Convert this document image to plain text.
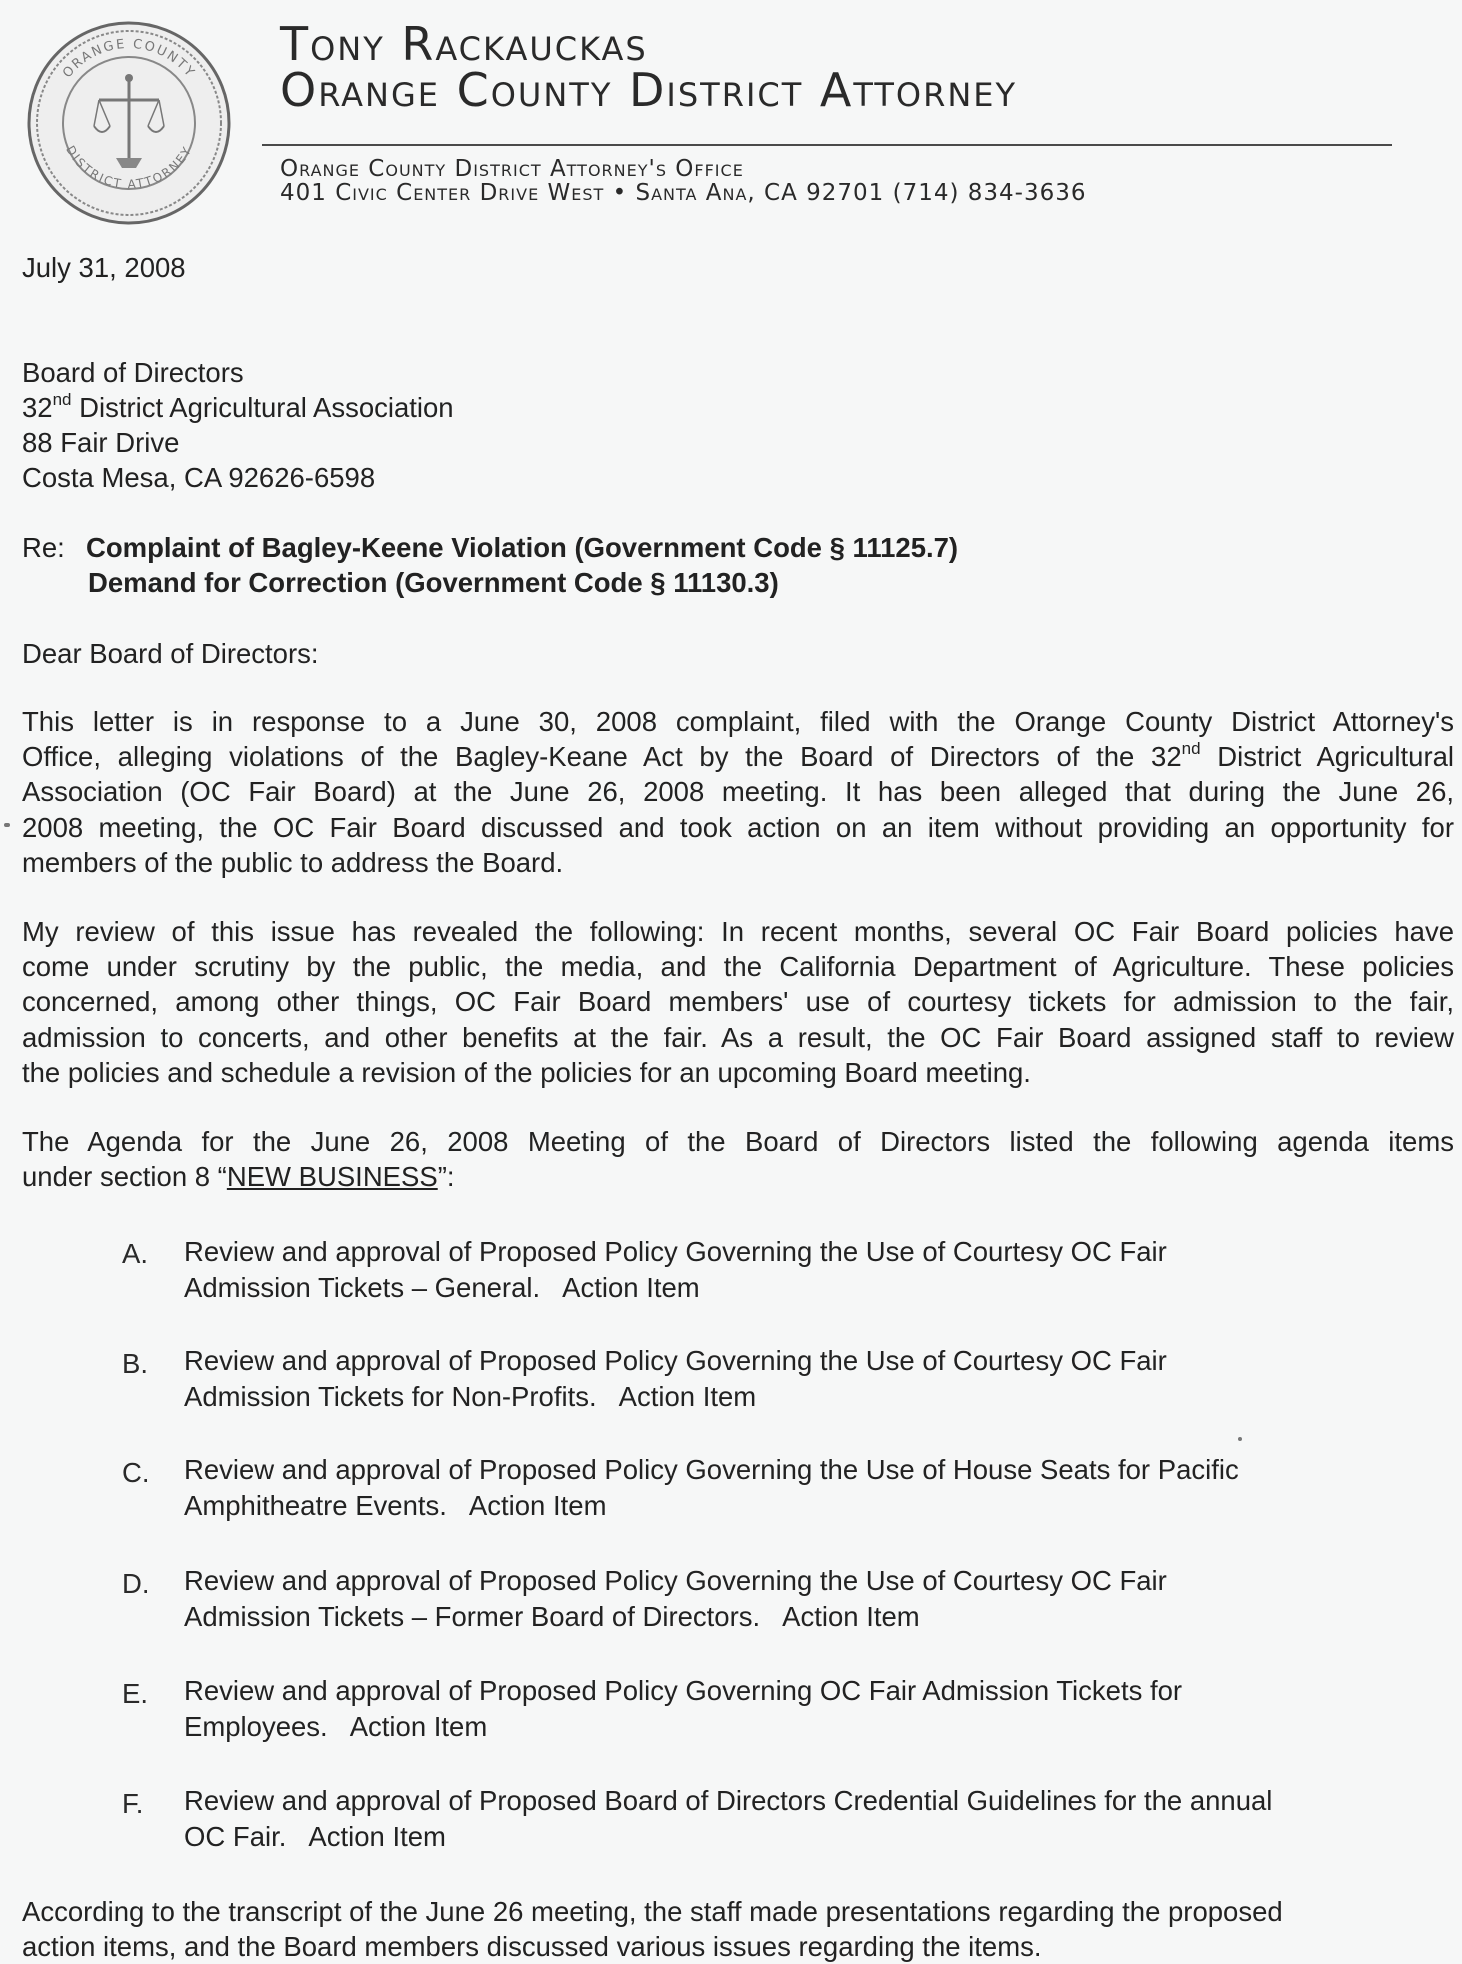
ORANGE COUNTY
DISTRICT ATTORNEY
Tony Rackauckas
Orange County District Attorney
Orange County District Attorney's Office
401 Civic Center Drive West • Santa Ana, CA 92701 (714) 834-3636
July 31, 2008
Board of Directors
32nd District Agricultural Association
88 Fair Drive
Costa Mesa, CA 92626-6598
Re: Complaint of Bagley-Keene Violation (Government Code § 11125.7)
Demand for Correction (Government Code § 11130.3)
Dear Board of Directors:
This letter is in response to a June 30, 2008 complaint, filed with the Orange County District Attorney's
Office, alleging violations of the Bagley-Keane Act by the Board of Directors of the 32nd District Agricultural
Association (OC Fair Board) at the June 26, 2008 meeting. It has been alleged that during the June 26,
2008 meeting, the OC Fair Board discussed and took action on an item without providing an opportunity for
members of the public to address the Board.
My review of this issue has revealed the following: In recent months, several OC Fair Board policies have
come under scrutiny by the public, the media, and the California Department of Agriculture. These policies
concerned, among other things, OC Fair Board members' use of courtesy tickets for admission to the fair,
admission to concerts, and other benefits at the fair. As a result, the OC Fair Board assigned staff to review
the policies and schedule a revision of the policies for an upcoming Board meeting.
The Agenda for the June 26, 2008 Meeting of the Board of Directors listed the following agenda items
under section 8 “NEW BUSINESS”:
A. Review and approval of Proposed Policy Governing the Use of Courtesy OC Fair
Admission Tickets – General. Action Item
B. Review and approval of Proposed Policy Governing the Use of Courtesy OC Fair
Admission Tickets for Non-Profits. Action Item
C. Review and approval of Proposed Policy Governing the Use of House Seats for Pacific
Amphitheatre Events. Action Item
D. Review and approval of Proposed Policy Governing the Use of Courtesy OC Fair
Admission Tickets – Former Board of Directors. Action Item
E. Review and approval of Proposed Policy Governing OC Fair Admission Tickets for
Employees. Action Item
F. Review and approval of Proposed Board of Directors Credential Guidelines for the annual
OC Fair. Action Item
According to the transcript of the June 26 meeting, the staff made presentations regarding the proposed
action items, and the Board members discussed various issues regarding the items.
